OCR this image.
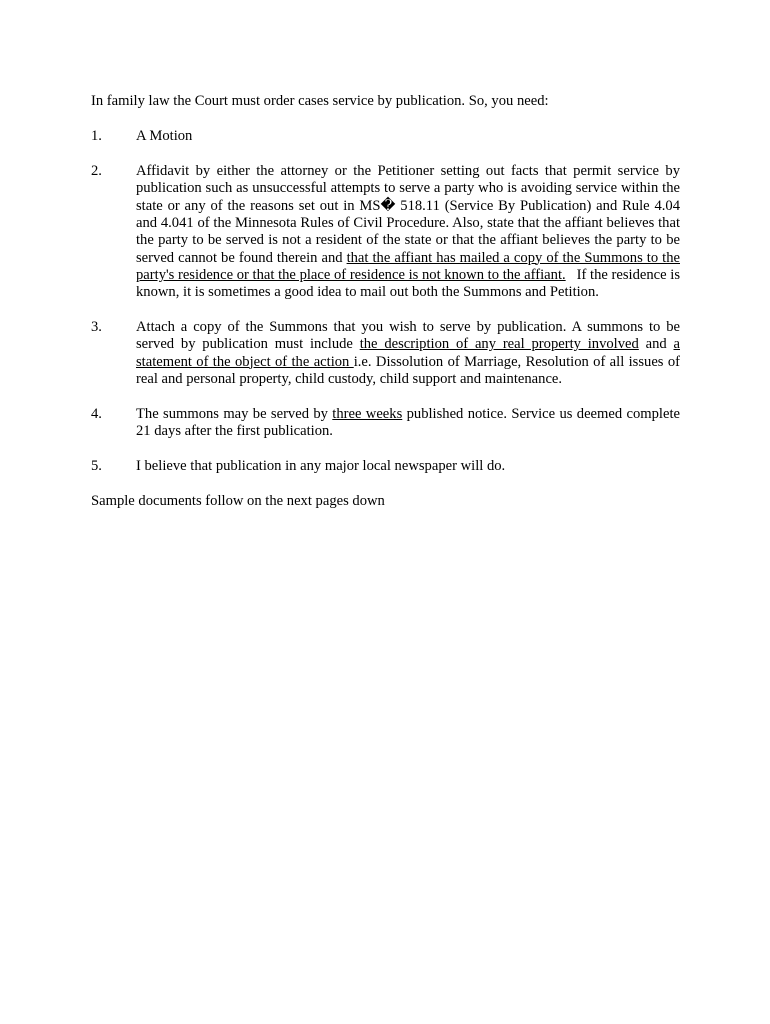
In family law the Court must order cases service by publication. So, you need:

1. A Motion
2. Affidavit by either the attorney or the Petitioner setting out facts that permit service by publication such as unsuccessful attempts to serve a party who is avoiding service within the state or any of the reasons set out in MS� 518.11 (Service By Publication) and Rule 4.04 and 4.041 of the Minnesota Rules of Civil Procedure. Also, state that the affiant believes that the party to be served is not a resident of the state or that the affiant believes the party to be served cannot be found therein and that the affiant has mailed a copy of the Summons to the party's residence or that the place of residence is not known to the affiant.   If the residence is known, it is sometimes a good idea to mail out both the Summons and Petition.
3. Attach a copy of the Summons that you wish to serve by publication. A summons to be served by publication must include the description of any real property involved and a statement of the object of the action i.e. Dissolution of Marriage, Resolution of all issues of real and personal property, child custody, child support and maintenance.
4. The summons may be served by three weeks published notice. Service us deemed complete 21 days after the first publication.
5. I believe that publication in any major local newspaper will do.

Sample documents follow on the next pages down
